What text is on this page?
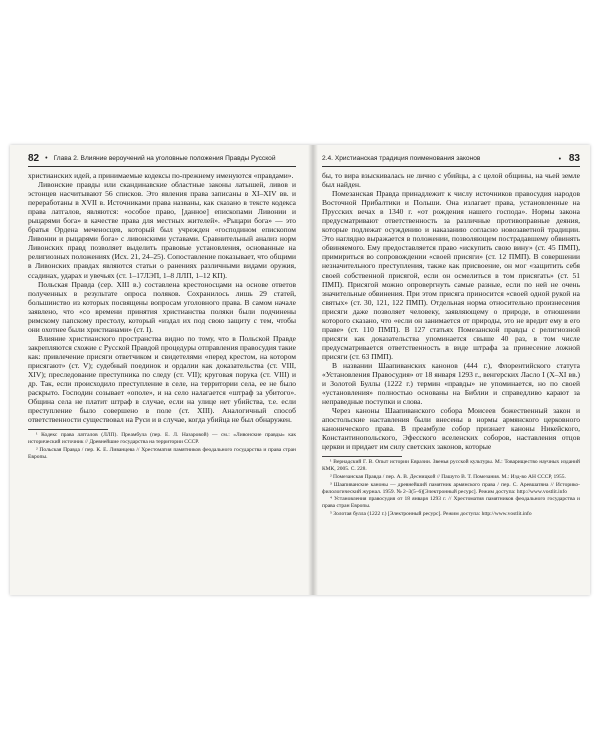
82 • Глава 2. Влияние вероучений на уголовные положения Правды Русской

христианских идей, а принимаемые кодексы по-прежнему именуются «правдами».

Ливонские правды или скандинавские областные законы латышей, ливов и эстонцев насчитывают 56 списков. Это явления права записаны в XI–XIV вв. и переработаны в XVII в. Источниками права названы, как сказано в тексте кодекса права латгалов, являются: «особое право, [данное] епископами Ливонии и рыцарями бога» в качестве права для местных жителей». «Рыцари бога» — это братья Ордена меченосцев, который был учрежден «господином епископом Ливонии и рыцарями бога» с ливонскими уставами. Сравнительный анализ норм Ливонских правд позволяет выделить правовые установления, основанные на религиозных положениях (Исх. 21, 24–25). Сопоставление показывает, что общими в Ливонских правдах являются статьи о ранениях различными видами оружия, ссадинах, ударах и увечьях (ст. 1–17ЛЭП, 1–8 ЛЛП, 1–12 КП).

Польская Правда (сер. XIII в.) составлена крестоносцами на основе ответов полученных в результате опроса поляков. Сохранилось лишь 29 статей, большинство из которых посвящены вопросам уголовного права. В самом начале заявлено, что «со времени принятия христианства поляки были подчинены римскому папскому престолу, который «издал их под свою защиту с тем, чтобы они охотнее были христианами» (ст. I).

Влияние христианского пространства видно по тому, что в Польской Правде закрепляются схожие с Русской Правдой процедуры отправления правосудия такие как: привлечение присяги ответчиком и свидетелями «перед крестом, на котором присягают» (ст. V); судебный поединок и ордалии как доказательства (ст. VIII, XIV); преследование преступника по следу (ст. VII); круговая порука (ст. VIII) и др. Так, если происходило преступление в селе, на территории села, ее не было раскрыто. Господин созывает «ополе», и на село налагается «штраф за убитого». Община села не платит штраф в случае, если на улице нет убийства, т.е. если преступление было совершено в поле (ст. XIII). Аналогичный способ ответственности существовал на Руси и в случае, когда убийца не был обнаружен.

¹ Кодекс права латгалов (ЛЛП). Преамбула (пер. Е. Л. Назаровой) — см.: «Ливонские правды» как исторический источник // Древнейшие государства на территории СССР.

² Польская Правда / пер. К. Е. Ливанцева // Хрестоматия памятников феодального государства и права стран Европы.

2.4. Христианская традиция поименования законов	• 83

бы, то вира взыскивалась не лично с убийцы, а с целой общины, на чьей земле был найден.

Помезанская Правда принадлежит к числу источников правосудия народов Восточной Прибалтики и Польши. Она излагает права, установленные на Прусских вечах в 1340 г. «от рождения нашего господа». Нормы закона предусматривают ответственность за различные противоправные деяния, которые подлежат осуждению и наказанию согласно новозаветной традиции. Это наглядно выражается в положении, позволяющем пострадавшему обвинять обвиняемого. Ему предоставляется право «искупить свою вину» (ст. 45 ПМП), примириться во сопровождении «своей присяги» (ст. 12 ПМП). В совершении незначительного преступления, также как присвоение, он мог «защитить себя своей собственной присягой, если он осмелиться в том присягать» (ст. 51 ПМП). Присягой можно опровергнуть самые разные, если по ней не очень значительные обвинения. При этом присяга приносится «своей одной рукой на святых» (ст. 30, 121, 122 ПМП). Отдельная норма относительно произнесения присяги даже позволяет человеку, заявляющему о природе, в отношении которого сказано, что «если он занимается от природы, это не вредит ему в его праве» (ст. 110 ПМП). В 127 статьях Помезанской правды с религиозной присяги как доказательства упоминается свыше 40 раз, в том числе предусматривается ответственность в виде штрафа за принесение ложной присяги (ст. 63 ПМП).

В названии Шаапиванских канонов (444 г.), Флорентийского статута «Установления Правосудия» от 18 января 1293 г., венгерских Ласло I (X–XI вв.) и Золотой Буллы (1222 г.) термин «правды» не упоминается, но по своей «установления» полностью основаны на Библии и справедливо карают за неправедные поступки и слова.

Через каноны Шаапиванского собора Моисеев божественный закон и апостольские наставления были внесены в нормы армянского церковного канонического права. В преамбуле собор признает каноны Никейского, Константинопольского, Эфесского вселенских соборов, наставления отцов церкви и придает им силу светских законов, которые

¹ Вернадский Г. В. Опыт истории Евразии. Звенья русской культуры. М.: Товарищество научных изданий КМК, 2005. С. 228.

² Помезанская Правда / пер. А. В. Десницкой // Пашуто В. Т. Помезания. М.: Изд-во АН СССР, 1955.

³ Шаапиванские каноны — древнейший памятник армянского права / пер. С. Аревшатяна // Историко-филологический журнал. 1959. № 2–3(5–6)[Электронный ресурс]. Режим доступа: http://www.vostlit.info

⁴ Установления правосудия от 18 января 1293 г. // Хрестоматия памятников феодального государства и права стран Европы.

⁵ Золотая булла (1222 г.) [Электронный ресурс]. Режим доступа: http://www.vostlit.info
